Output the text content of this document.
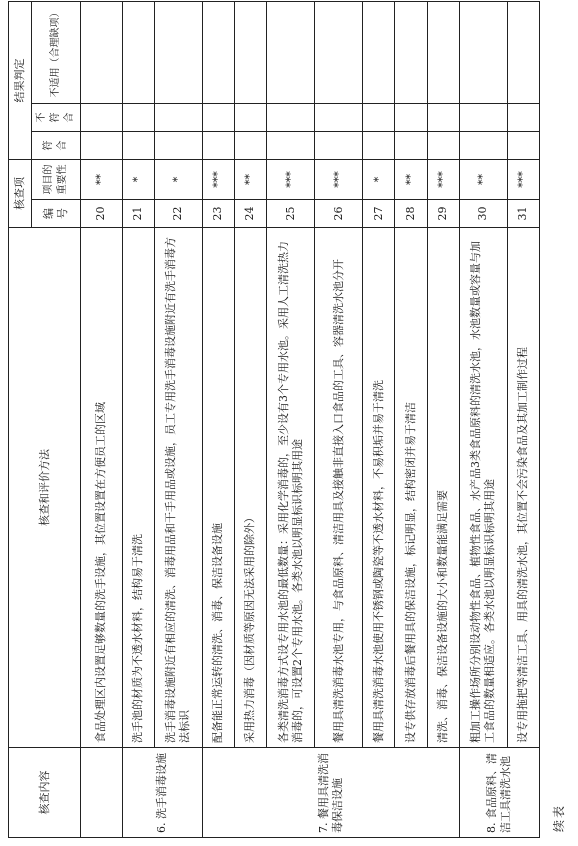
核查内容	核查和评价方法	核查项		结果判定		
		编号	项目的重要性	符合	不符合	不适用（合理缺项）

	食品处理区内设置足够数量的洗手设施，其位置设置在方便员工的区域	20	**			
6. 洗手消毒设施	洗手池的材质为不透水材料，结构易于清洗	21	*			
	洗手消毒设施附近有相应的清洗、消毒用品和干手用品或设施，员工专用洗手消毒设施附近有洗手消毒方法标识	22	*			
7. 餐用具清洗消毒保洁设施	配备能正常运转的清洗、消毒、保洁设备设施	23	***			
	采用热力消毒（因材质等原因无法采用的除外）	24	**			
	各类清洗消毒方式设专用水池的最低数量：采用化学消毒的，至少设有3个专用水池。采用人工清洗热力消毒的，可设置2个专用水池。各类水池以明显标识标明其用途	25	***			
	餐用具清洗消毒水池专用，与食品原料、清洁用具及接触非直接入口食品的工具、容器清洗水池分开	26	***			
	餐用具清洗消毒水池使用不锈钢或陶瓷等不透水材料，不易积垢并易于清洗	27	*			
	设专供存放消毒后餐用具的保洁设施，标记明显，结构密闭并易于清洁	28	**			
	清洗、消毒、保洁设备设施的大小和数量能满足需要	29	***			
8. 食品原料、清洁工具清洗水池	粗加工操作场所分别设动物性食品、植物性食品、水产品3类食品原料的清洗水池，水池数量或容量与加工食品的数量相适应。各类水池以明显标识标明其用途	30	**			
	设专用拖把等清洁工具、用具的清洗水池，其位置不会污染食品及其加工制作过程	31	***			
续表
